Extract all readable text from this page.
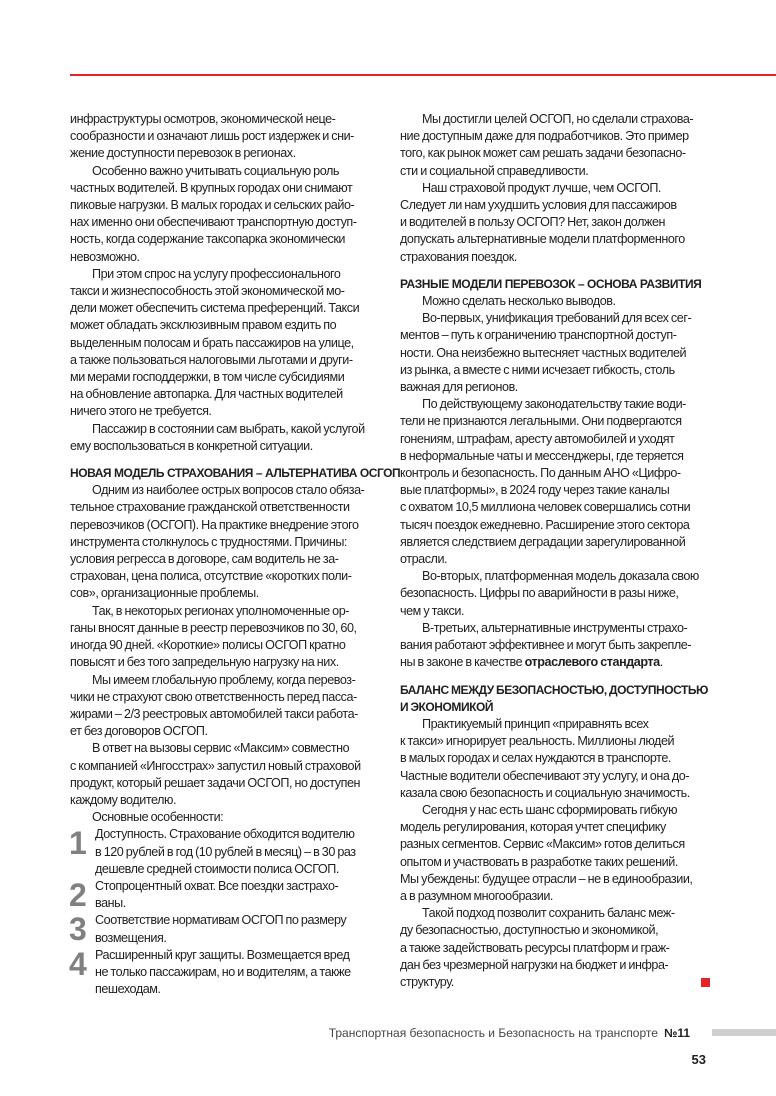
инфраструктуры осмотров, экономической неце-
сообразности и означают лишь рост издержек и сни-
жение доступности перевозок в регионах.
Особенно важно учитывать социальную роль
частных водителей. В крупных городах они снимают
пиковые нагрузки. В малых городах и сельских райо-
нах именно они обеспечивают транспортную доступ-
ность, когда содержание таксопарка экономически
невозможно.
При этом спрос на услугу профессионального
такси и жизнеспособность этой экономической мо-
дели может обеспечить система преференций. Такси
может обладать эксклюзивным правом ездить по
выделенным полосам и брать пассажиров на улице,
а также пользоваться налоговыми льготами и други-
ми мерами господдержки, в том числе субсидиями
на обновление автопарка. Для частных водителей
ничего этого не требуется.
Пассажир в состоянии сам выбрать, какой услугой
ему воспользоваться в конкретной ситуации.
НОВАЯ МОДЕЛЬ СТРАХОВАНИЯ – АЛЬТЕРНАТИВА ОСГОП
Одним из наиболее острых вопросов стало обяза-
тельное страхование гражданской ответственности
перевозчиков (ОСГОП). На практике внедрение этого
инструмента столкнулось с трудностями. Причины:
условия регресса в договоре, сам водитель не за-
страхован, цена полиса, отсутствие «коротких поли-
сов», организационные проблемы.
Так, в некоторых регионах уполномоченные ор-
ганы вносят данные в реестр перевозчиков по 30, 60,
иногда 90 дней. «Короткие» полисы ОСГОП кратно
повысят и без того запредельную нагрузку на них.
Мы имеем глобальную проблему, когда перевоз-
чики не страхуют свою ответственность перед пасса-
жирами – 2/3 реестровых автомобилей такси работа-
ет без договоров ОСГОП.
В ответ на вызовы сервис «Максим» совместно
с компанией «Ингосстрах» запустил новый страховой
продукт, который решает задачи ОСГОП, но доступен
каждому водителю.
Основные особенности:
1 Доступность. Страхование обходится водителю
в 120 рублей в год (10 рублей в месяц) – в 30 раз
дешевле средней стоимости полиса ОСГОП.
2 Стопроцентный охват. Все поездки застрахо-
ваны.
3 Соответствие нормативам ОСГОП по размеру
возмещения.
4 Расширенный круг защиты. Возмещается вред
не только пассажирам, но и водителям, а также
пешеходам.
Мы достигли целей ОСГОП, но сделали страхова-
ние доступным даже для подработчиков. Это пример
того, как рынок может сам решать задачи безопасно-
сти и социальной справедливости.
Наш страховой продукт лучше, чем ОСГОП.
Следует ли нам ухудшить условия для пассажиров
и водителей в пользу ОСГОП? Нет, закон должен
допускать альтернативные модели платформенного
страхования поездок.
РАЗНЫЕ МОДЕЛИ ПЕРЕВОЗОК – ОСНОВА РАЗВИТИЯ
Можно сделать несколько выводов.
Во-первых, унификация требований для всех сег-
ментов – путь к ограничению транспортной доступ-
ности. Она неизбежно вытесняет частных водителей
из рынка, а вместе с ними исчезает гибкость, столь
важная для регионов.
По действующему законодательству такие води-
тели не признаются легальными. Они подвергаются
гонениям, штрафам, аресту автомобилей и уходят
в неформальные чаты и мессенджеры, где теряется
контроль и безопасность. По данным АНО «Цифро-
вые платформы», в 2024 году через такие каналы
с охватом 10,5 миллиона человек совершались сотни
тысяч поездок ежедневно. Расширение этого сектора
является следствием деградации зарегулированной
отрасли.
Во-вторых, платформенная модель доказала свою
безопасность. Цифры по аварийности в разы ниже,
чем у такси.
В-третьих, альтернативные инструменты страхо-
вания работают эффективнее и могут быть закрепле-
ны в законе в качестве отраслевого стандарта.
БАЛАНС МЕЖДУ БЕЗОПАСНОСТЬЮ, ДОСТУПНОСТЬЮ
И ЭКОНОМИКОЙ
Практикуемый принцип «приравнять всех
к такси» игнорирует реальность. Миллионы людей
в малых городах и селах нуждаются в транспорте.
Частные водители обеспечивают эту услугу, и она до-
казала свою безопасность и социальную значимость.
Сегодня у нас есть шанс сформировать гибкую
модель регулирования, которая учтет специфику
разных сегментов. Сервис «Максим» готов делиться
опытом и участвовать в разработке таких решений.
Мы убеждены: будущее отрасли – не в единообразии,
а в разумном многообразии.
Такой подход позволит сохранить баланс меж-
ду безопасностью, доступностью и экономикой,
а также задействовать ресурсы платформ и граж-
дан без чрезмерной нагрузки на бюджет и инфра-
структуру.
Транспортная безопасность и Безопасность на транспорте №11
53
